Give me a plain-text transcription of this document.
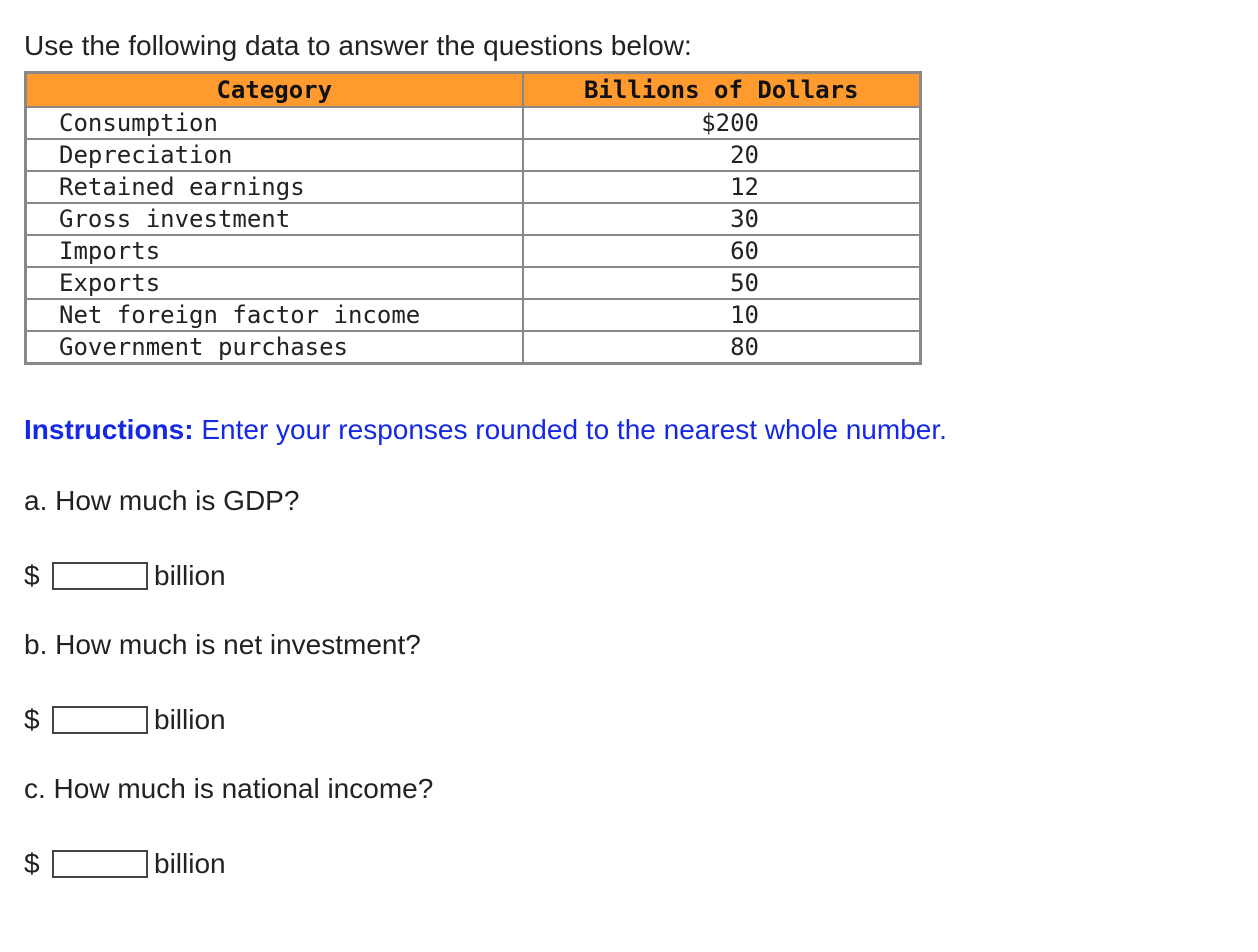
Use the following data to answer the questions below:
Category	Billions of Dollars
Consumption	$200
Depreciation	20
Retained earnings	12
Gross investment	30
Imports	60
Exports	50
Net foreign factor income	10
Government purchases	80
Instructions: Enter your responses rounded to the nearest whole number.
a. How much is GDP?
$	billion
b. How much is net investment?
$	billion
c. How much is national income?
$	billion
